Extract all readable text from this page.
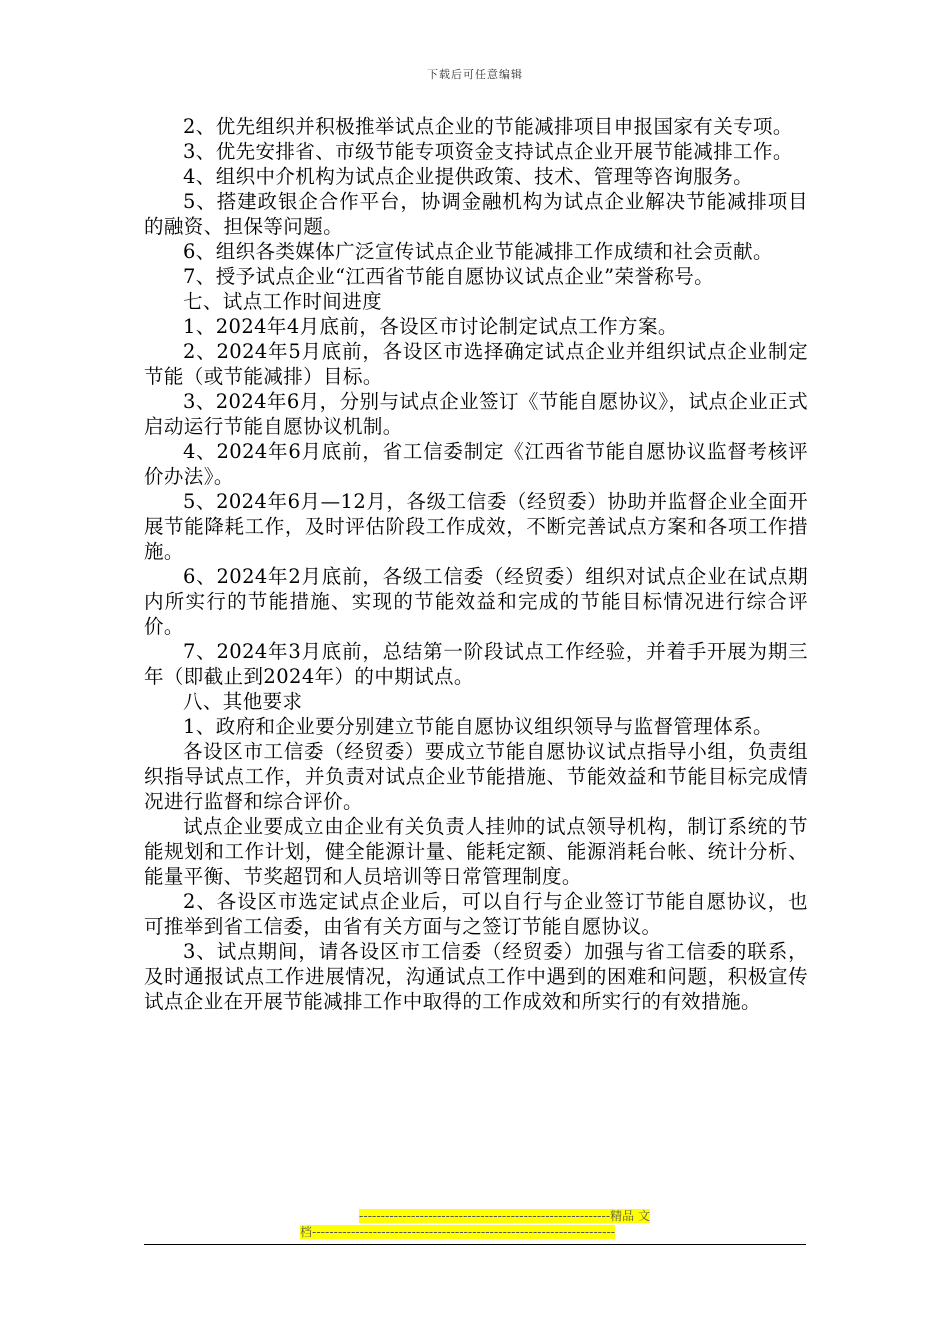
下载后可任意编辑

2、优先组织并积极推举试点企业的节能减排项目申报国家有关专项。

3、优先安排省、市级节能专项资金支持试点企业开展节能减排工作。

4、组织中介机构为试点企业提供政策、技术、管理等咨询服务。

5、搭建政银企合作平台，协调金融机构为试点企业解决节能减排项目的融资、担保等问题。

6、组织各类媒体广泛宣传试点企业节能减排工作成绩和社会贡献。

7、授予试点企业“江西省节能自愿协议试点企业”荣誉称号。

七、试点工作时间进度

1、2024年4月底前，各设区市讨论制定试点工作方案。

2、2024年5月底前，各设区市选择确定试点企业并组织试点企业制定节能（或节能减排）目标。

3、2024年6月，分别与试点企业签订《节能自愿协议》，试点企业正式启动运行节能自愿协议机制。

4、2024年6月底前，省工信委制定《江西省节能自愿协议监督考核评价办法》。

5、2024年6月—12月，各级工信委（经贸委）协助并监督企业全面开展节能降耗工作，及时评估阶段工作成效，不断完善试点方案和各项工作措施。

6、2024年2月底前，各级工信委（经贸委）组织对试点企业在试点期内所实行的节能措施、实现的节能效益和完成的节能目标情况进行综合评价。

7、2024年3月底前，总结第一阶段试点工作经验，并着手开展为期三年（即截止到2024年）的中期试点。

八、其他要求

1、政府和企业要分别建立节能自愿协议组织领导与监督管理体系。

各设区市工信委（经贸委）要成立节能自愿协议试点指导小组，负责组织指导试点工作，并负责对试点企业节能措施、节能效益和节能目标完成情况进行监督和综合评价。

试点企业要成立由企业有关负责人挂帅的试点领导机构，制订系统的节能规划和工作计划，健全能源计量、能耗定额、能源消耗台帐、统计分析、能量平衡、节奖超罚和人员培训等日常管理制度。

2、各设区市选定试点企业后，可以自行与企业签订节能自愿协议，也可推举到省工信委，由省有关方面与之签订节能自愿协议。

3、试点期间，请各设区市工信委（经贸委）加强与省工信委的联系，及时通报试点工作进展情况，沟通试点工作中遇到的困难和问题，积极宣传试点企业在开展节能减排工作中取得的工作成效和所实行的有效措施。

----------------------------------------------------------精品 文
档----------------------------------------------------------------------
